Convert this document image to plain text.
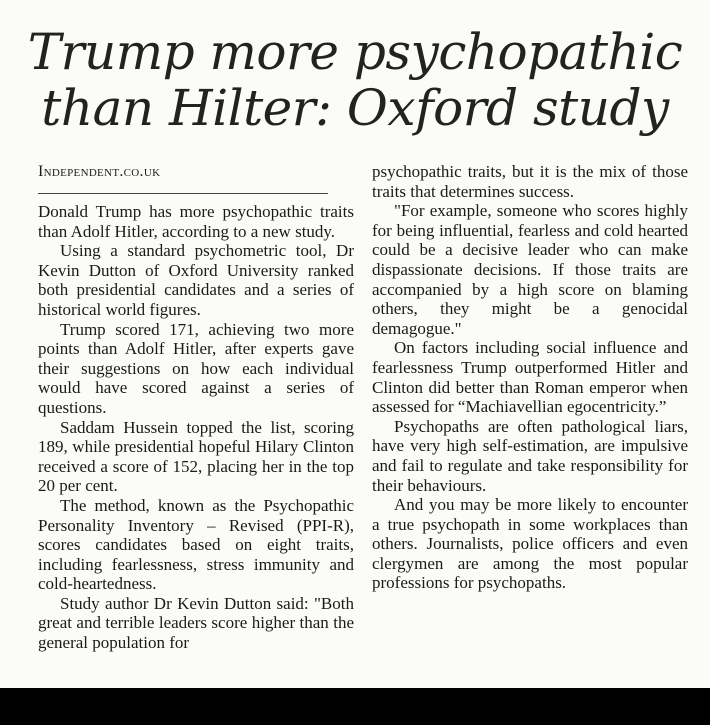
Trump more psychopathic
than Hilter: Oxford study
Independent.co.uk

Donald Trump has more psychopathic traits than Adolf Hitler, according to a new study.

Using a standard psychometric tool, Dr Kevin Dutton of Oxford University ranked both presidential candidates and a series of historical world figures.

Trump scored 171, achieving two more points than Adolf Hitler, after experts gave their suggestions on how each individual would have scored against a series of questions.

Saddam Hussein topped the list, scoring 189, while presidential hopeful Hilary Clinton received a score of 152, placing her in the top 20 per cent.

The method, known as the Psychopathic Personality Inventory – Revised (PPI-R), scores candidates based on eight traits, including fearlessness, stress immunity and cold-heartedness.

Study author Dr Kevin Dutton said: "Both great and terrible leaders score higher than the general population for

psychopathic traits, but it is the mix of those traits that determines success.

"For example, someone who scores highly for being influential, fearless and cold hearted could be a decisive leader who can make dispassionate decisions. If those traits are accompanied by a high score on blaming others, they might be a genocidal demagogue."

On factors including social influence and fearlessness Trump outperformed Hitler and Clinton did better than Roman emperor when assessed for “Machiavellian egocentricity.”

Psychopaths are often pathological liars, have very high self-estimation, are impulsive and fail to regulate and take responsibility for their behaviours.

And you may be more likely to encounter a true psychopath in some workplaces than others. Journalists, police officers and even clergymen are among the most popular professions for psychopaths.
